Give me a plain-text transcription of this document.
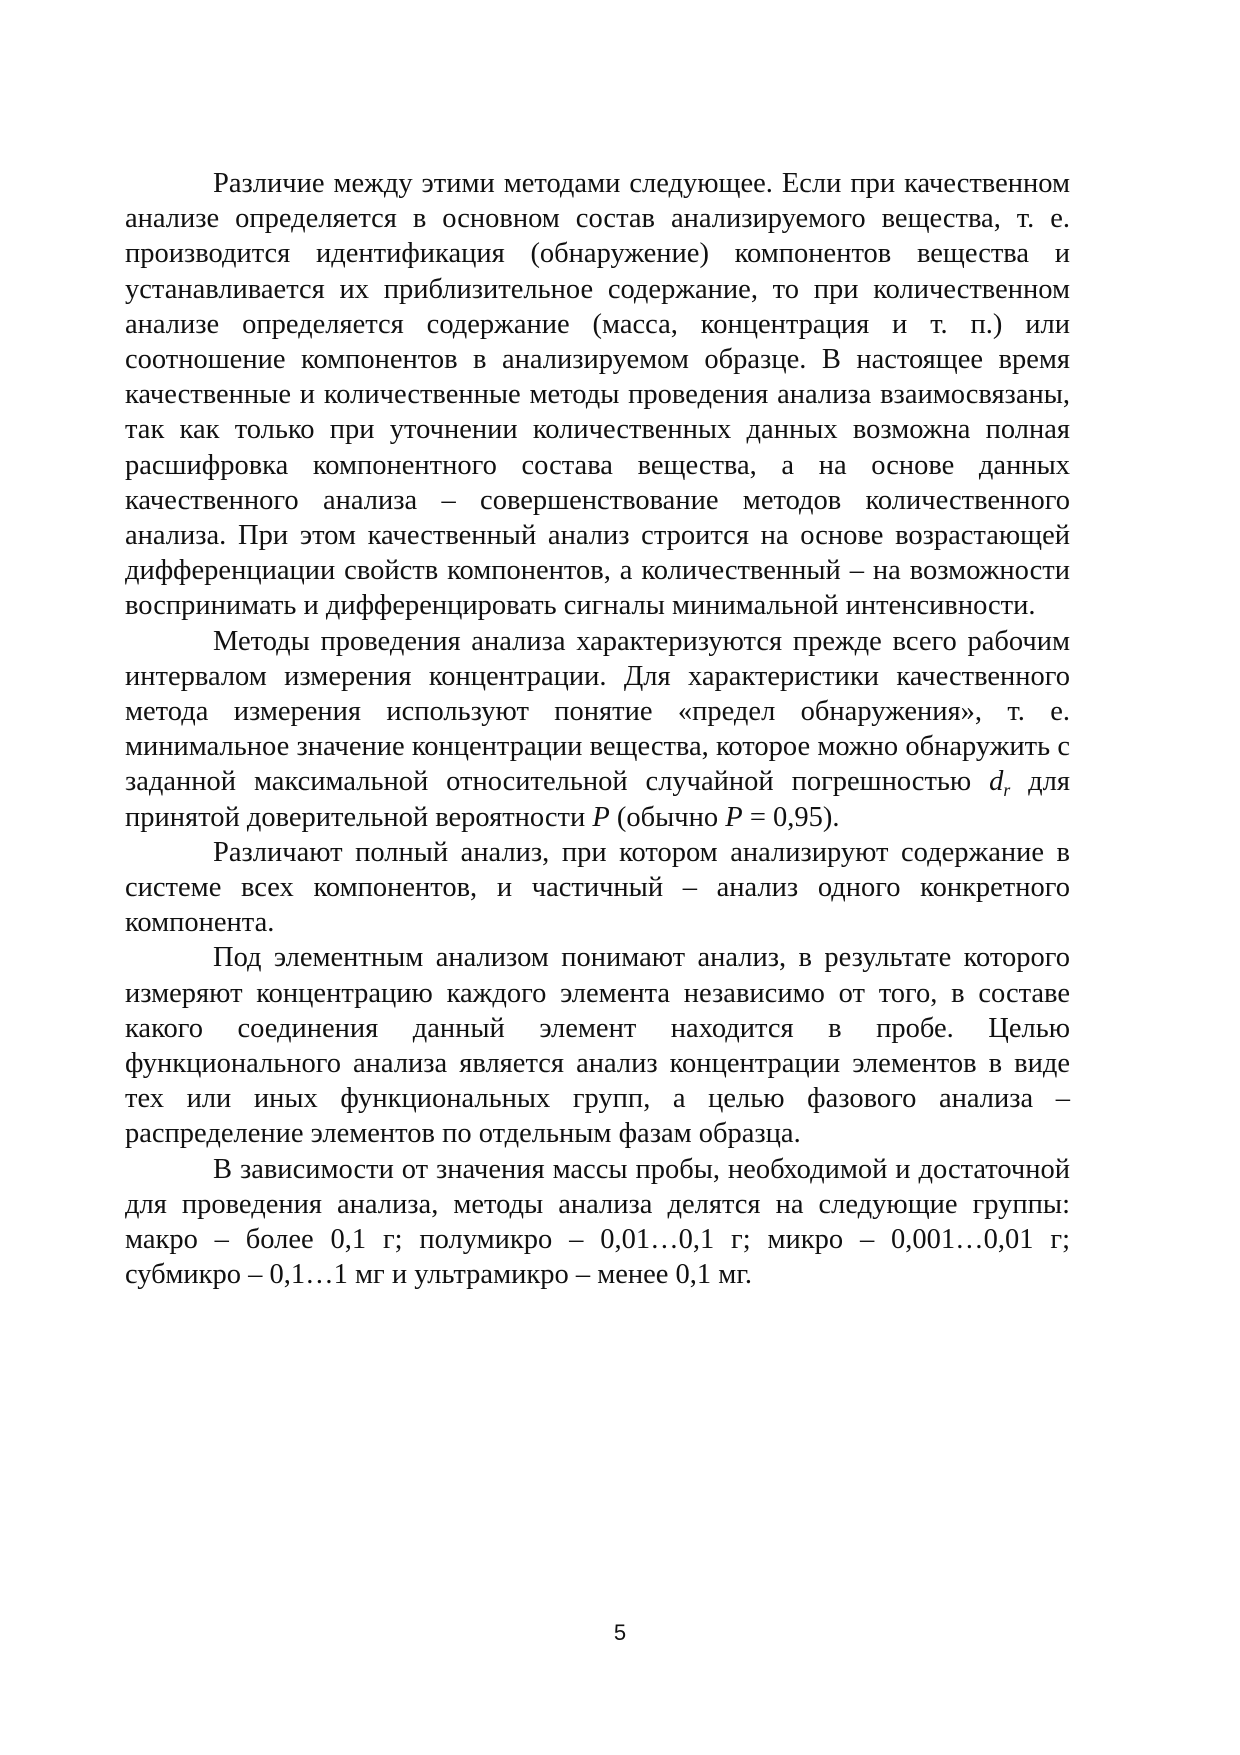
Различие между этими методами следующее. Если при качественном анализе определяется в основном состав анализируемого вещества, т. е. производится идентификация (обнаружение) компонентов вещества и устанавливается их приблизительное содержание, то при количественном анализе определяется содержание (масса, концентрация и т. п.) или соотношение компонентов в анализируемом образце. В настоящее время качественные и количественные методы проведения анализа взаимосвязаны, так как только при уточнении количественных данных возможна полная расшифровка компонентного состава вещества, а на основе данных качественного анализа – совершенствование методов количественного анализа. При этом качественный анализ строится на основе возрастающей дифференциации свойств компонентов, а количественный – на возможности воспринимать и дифференцировать сигналы минимальной интенсивности.

Методы проведения анализа характеризуются прежде всего рабочим интервалом измерения концентрации. Для характеристики качественного метода измерения используют понятие «предел обнаружения», т. е. минимальное значение концентрации вещества, которое можно обнаружить с заданной максимальной относительной случайной погрешностью $d_r$ для принятой доверительной вероятности P (обычно P = 0,95).

Различают полный анализ, при котором анализируют содержание в системе всех компонентов, и частичный – анализ одного конкретного компонента.

Под элементным анализом понимают анализ, в результате которого измеряют концентрацию каждого элемента независимо от того, в составе какого соединения данный элемент находится в пробе. Целью функционального анализа является анализ концентрации элементов в виде тех или иных функциональных групп, а целью фазового анализа – распределение элементов по отдельным фазам образца.

В зависимости от значения массы пробы, необходимой и достаточной для проведения анализа, методы анализа делятся на следующие группы: макро – более 0,1 г; полумикро – 0,01…0,1 г; микро – 0,001…0,01 г; субмикро – 0,1…1 мг и ультрамикро – менее 0,1 мг.

5
